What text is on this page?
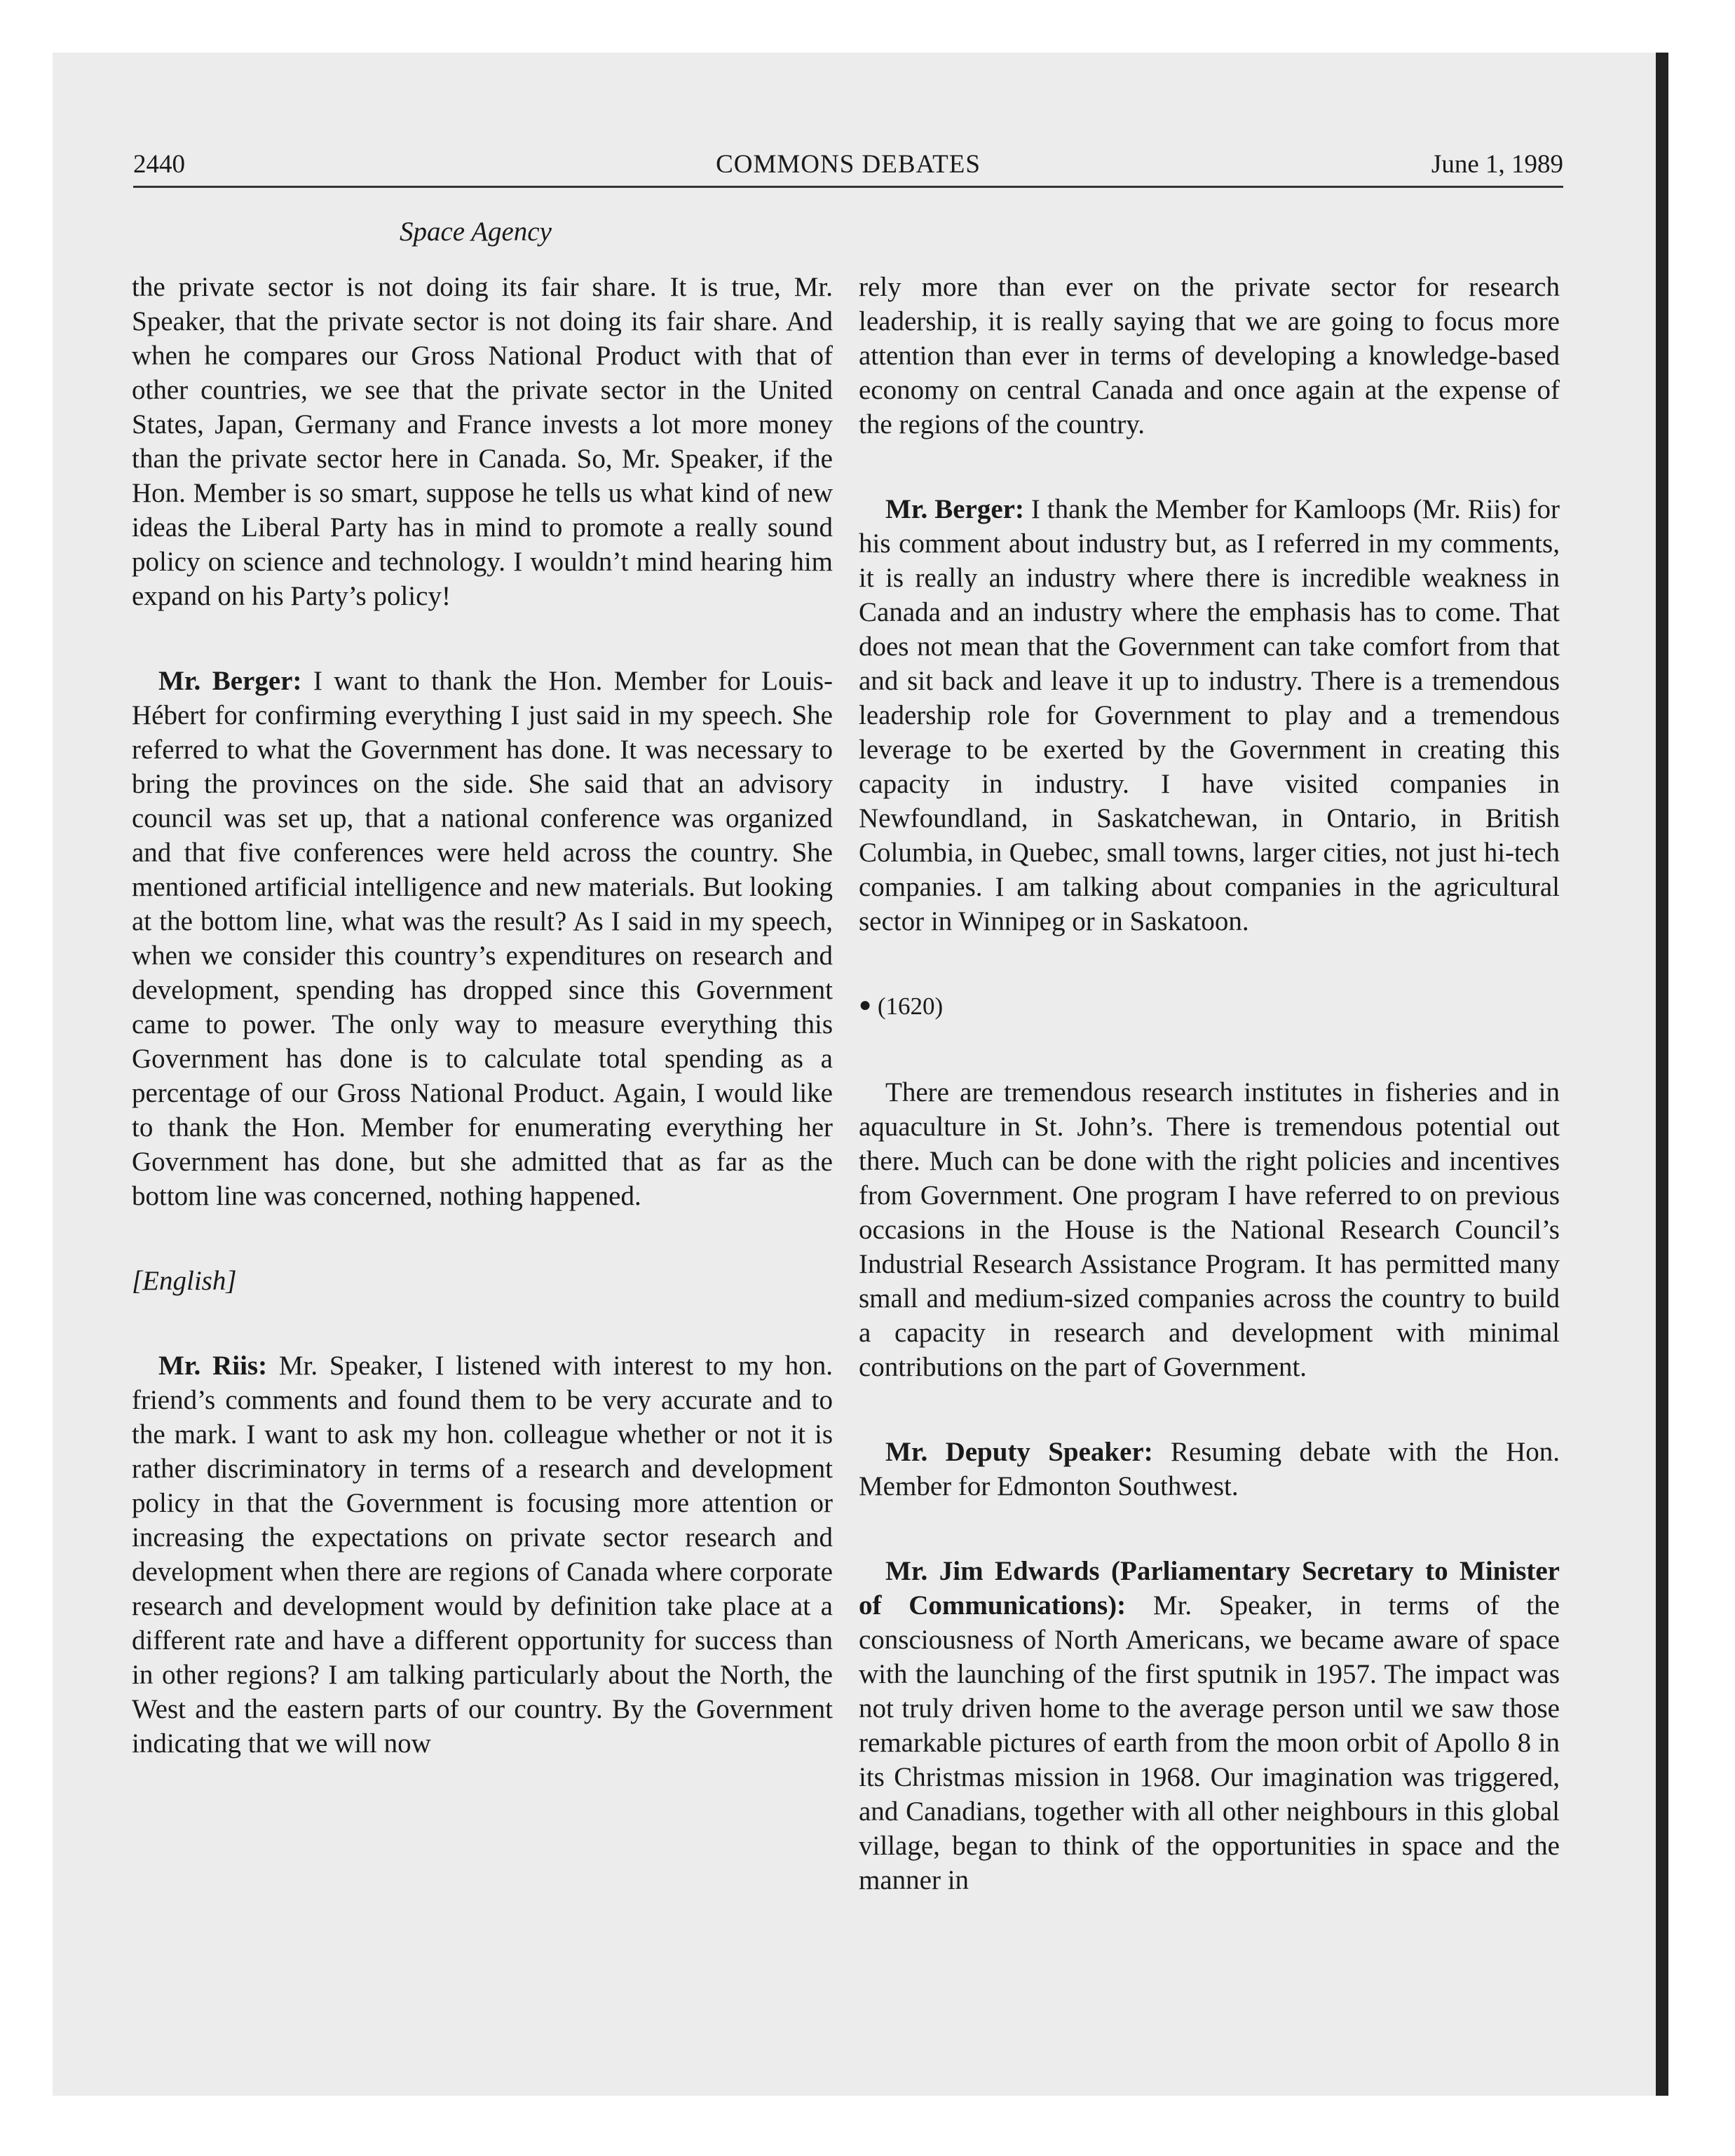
2440	COMMONS DEBATES	June 1, 1989
Space Agency

the private sector is not doing its fair share. It is true, Mr. Speaker, that the private sector is not doing its fair share. And when he compares our Gross National Product with that of other countries, we see that the private sector in the United States, Japan, Germany and France invests a lot more money than the private sector here in Canada. So, Mr. Speaker, if the Hon. Member is so smart, suppose he tells us what kind of new ideas the Liberal Party has in mind to promote a really sound policy on science and technology. I wouldn’t mind hearing him expand on his Party’s policy!

Mr. Berger: I want to thank the Hon. Member for Louis-Hébert for confirming everything I just said in my speech. She referred to what the Government has done. It was necessary to bring the provinces on the side. She said that an advisory council was set up, that a national conference was organized and that five conferences were held across the country. She mentioned artificial intelligence and new materials. But looking at the bottom line, what was the result? As I said in my speech, when we consider this country’s expenditures on research and development, spending has dropped since this Government came to power. The only way to measure everything this Government has done is to calculate total spending as a percentage of our Gross National Product. Again, I would like to thank the Hon. Member for enumerating everything her Government has done, but she admitted that as far as the bottom line was concerned, nothing happened.

[English]

Mr. Riis: Mr. Speaker, I listened with interest to my hon. friend’s comments and found them to be very accurate and to the mark. I want to ask my hon. colleague whether or not it is rather discriminatory in terms of a research and development policy in that the Government is focusing more attention or increasing the expectations on private sector research and development when there are regions of Canada where corporate research and development would by definition take place at a different rate and have a different opportunity for success than in other regions? I am talking particularly about the North, the West and the eastern parts of our country. By the Government indicating that we will now

rely more than ever on the private sector for research leadership, it is really saying that we are going to focus more attention than ever in terms of developing a knowledge-based economy on central Canada and once again at the expense of the regions of the country.

Mr. Berger: I thank the Member for Kamloops (Mr. Riis) for his comment about industry but, as I referred in my comments, it is really an industry where there is incredible weakness in Canada and an industry where the emphasis has to come. That does not mean that the Government can take comfort from that and sit back and leave it up to industry. There is a tremendous leadership role for Government to play and a tremendous leverage to be exerted by the Government in creating this capacity in industry. I have visited companies in Newfoundland, in Saskatchewan, in Ontario, in British Columbia, in Quebec, small towns, larger cities, not just hi-tech companies. I am talking about companies in the agricultural sector in Winnipeg or in Saskatoon.

● (1620)

There are tremendous research institutes in fisheries and in aquaculture in St. John’s. There is tremendous potential out there. Much can be done with the right policies and incentives from Government. One program I have referred to on previous occasions in the House is the National Research Council’s Industrial Research Assistance Program. It has permitted many small and medium-sized companies across the country to build a capacity in research and development with minimal contributions on the part of Government.

Mr. Deputy Speaker: Resuming debate with the Hon. Member for Edmonton Southwest.

Mr. Jim Edwards (Parliamentary Secretary to Minister of Communications): Mr. Speaker, in terms of the consciousness of North Americans, we became aware of space with the launching of the first sputnik in 1957. The impact was not truly driven home to the average person until we saw those remarkable pictures of earth from the moon orbit of Apollo 8 in its Christmas mission in 1968. Our imagination was triggered, and Canadians, together with all other neighbours in this global village, began to think of the opportunities in space and the manner in
